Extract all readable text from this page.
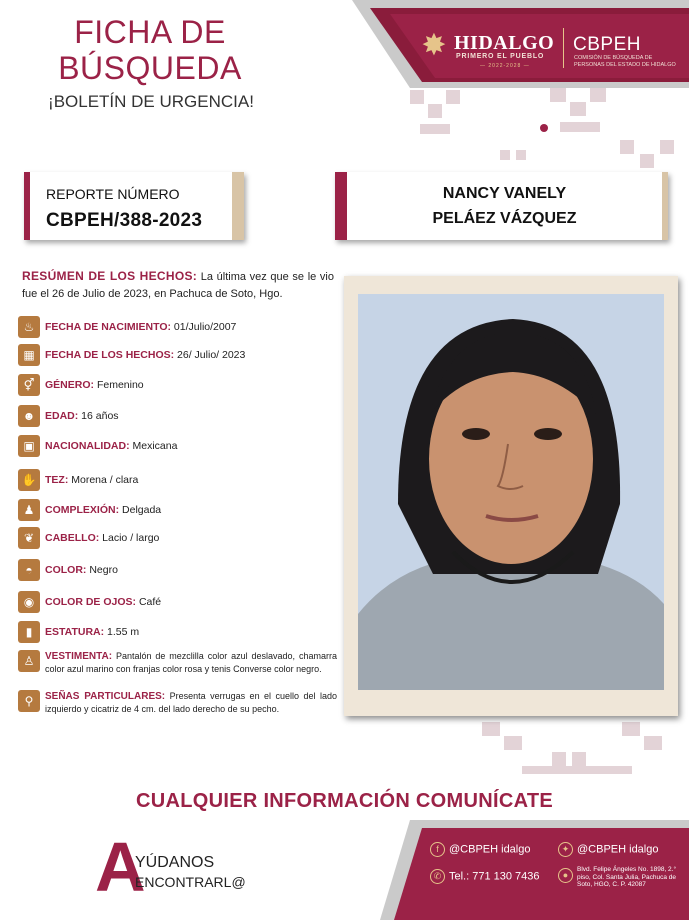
FICHA DE
BÚSQUEDA
¡BOLETÍN DE URGENCIA!
✸ HIDALGO
PRIMERO EL PUEBLO
— 2022-2028 —
CBPEH
COMISIÓN DE BÚSQUEDA DE PERSONAS DEL ESTADO DE HIDALGO
REPORTE NÚMERO
CBPEH/388-2023
NANCY VANELY
PELÁEZ VÁZQUEZ
RESÚMEN DE LOS HECHOS: La última vez que se le vio fue el 26 de Julio de 2023, en Pachuca de Soto, Hgo.
♨	FECHA DE NACIMIENTO: 01/Julio/2007
▦ FECHA DE LOS HECHOS: 26/ Julio/ 2023
⚥	GÉNERO: Femenino
☻ EDAD: 16 años
▣ NACIONALIDAD: Mexicana
✋ TEZ: Morena / clara
♟	COMPLEXIÓN: Delgada
❦	CABELLO: Lacio / largo
◓	COLOR: Negro
◉	COLOR DE OJOS: Café
▮	ESTATURA: 1.55 m
♙	VESTIMENTA: Pantalón de mezclilla color azul deslavado, chamarra color azul marino con franjas color rosa y tenis Converse color negro.
⚲	SEÑAS PARTICULARES: Presenta verrugas en el cuello del lado izquierdo y cicatriz de 4 cm. del lado derecho de su pecho.
CUALQUIER INFORMACIÓN COMUNÍCATE
f @CBPEH idalgo	✦ @CBPEH idalgo
✆ Tel.: 771 130 7436	●
Blvd. Felipe Ángeles No. 1898, 2.° piso, Col. Santa Julia, Pachuca de Soto, HGO, C. P. 42087
A
YÚDANOS
ENCONTRARL@
